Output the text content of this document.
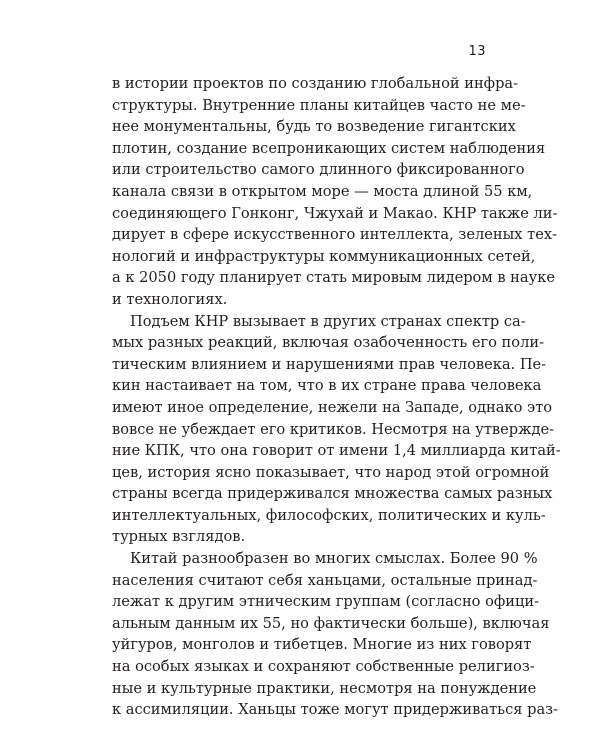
13
в истории проектов по созданию глобальной инфра-
структуры. Внутренние планы китайцев часто не ме-
нее монументальны, будь то возведение гигантских
плотин, создание всепроникающих систем наблюдения
или строительство самого длинного фиксированного
канала связи в открытом море — моста длиной 55 км,
соединяющего Гонконг, Чжухай и Макао. КНР также ли-
дирует в сфере искусственного интеллекта, зеленых тех-
нологий и инфраструктуры коммуникационных сетей,
а к 2050 году планирует стать мировым лидером в науке
и технологиях.
Подъем КНР вызывает в других странах спектр са-
мых разных реакций, включая озабоченность его поли-
тическим влиянием и нарушениями прав человека. Пе-
кин настаивает на том, что в их стране права человека
имеют иное определение, нежели на Западе, однако это
вовсе не убеждает его критиков. Несмотря на утвержде-
ние КПК, что она говорит от имени 1,4 миллиарда китай-
цев, история ясно показывает, что народ этой огромной
страны всегда придерживался множества самых разных
интеллектуальных, философских, политических и куль-
турных взглядов.
Китай разнообразен во многих смыслах. Более 90 %
населения считают себя ханьцами, остальные принад-
лежат к другим этническим группам (согласно офици-
альным данным их 55, но фактически больше), включая
уйгуров, монголов и тибетцев. Многие из них говорят
на особых языках и сохраняют собственные религиоз-
ные и культурные практики, несмотря на понуждение
к ассимиляции. Ханьцы тоже могут придерживаться раз-
